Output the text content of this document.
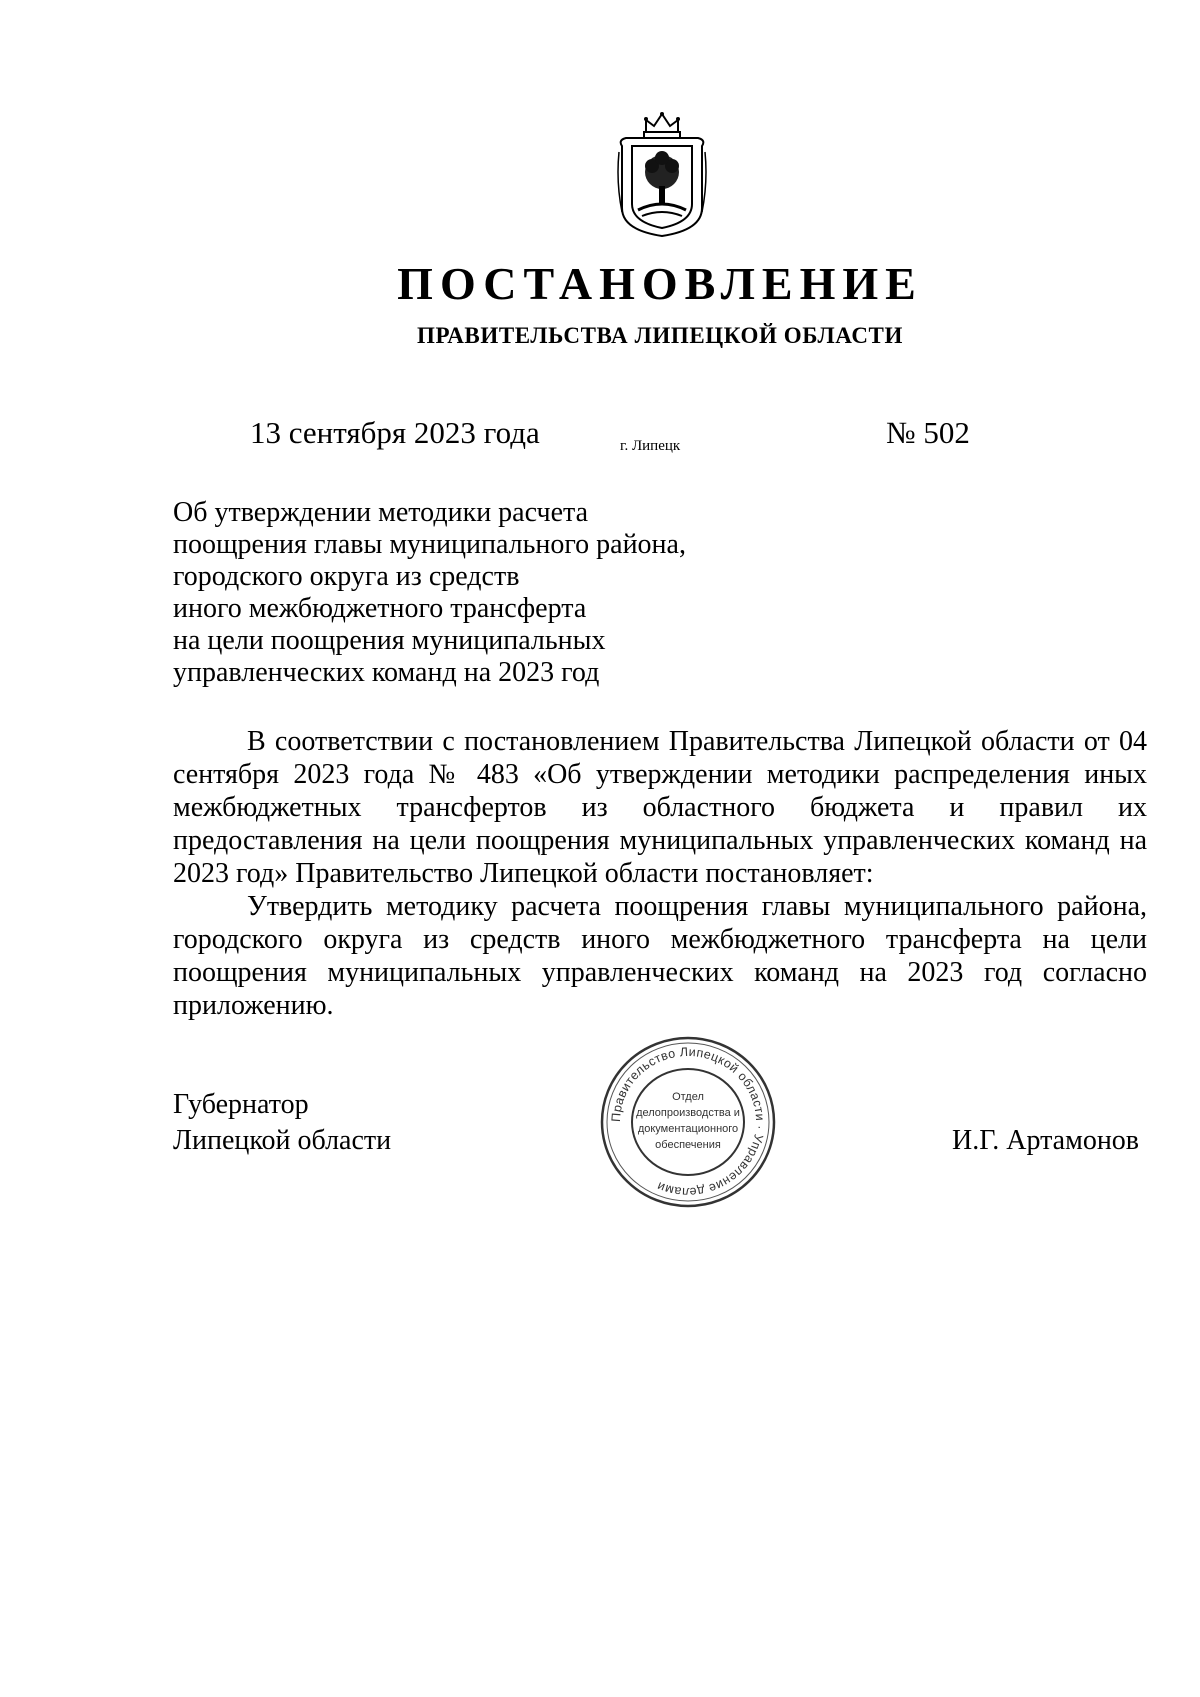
ПОСТАНОВЛЕНИЕ
ПРАВИТЕЛЬСТВА ЛИПЕЦКОЙ ОБЛАСТИ
13 сентября 2023 года	г. Липецк	№ 502
Об утверждении методики расчета
поощрения главы муниципального района,
городского округа из средств
иного межбюджетного трансферта
на цели поощрения муниципальных
управленческих команд на 2023 год

В соответствии с постановлением Правительства Липецкой области от 04 сентября 2023 года № 483 «Об утверждении методики распределения иных межбюджетных трансфертов из областного бюджета и правил их предоставления на цели поощрения муниципальных управленческих команд на 2023 год» Правительство Липецкой области постановляет:

Утвердить методику расчета поощрения главы муниципального района, городского округа из средств иного межбюджетного трансферта на цели поощрения муниципальных управленческих команд на 2023 год согласно приложению.

Губернатор
Липецкой области	И.Г. Артамонов
Правительство Липецкой области · Управление делами
Отдел
делопроизводства и
документационного
обеспечения
